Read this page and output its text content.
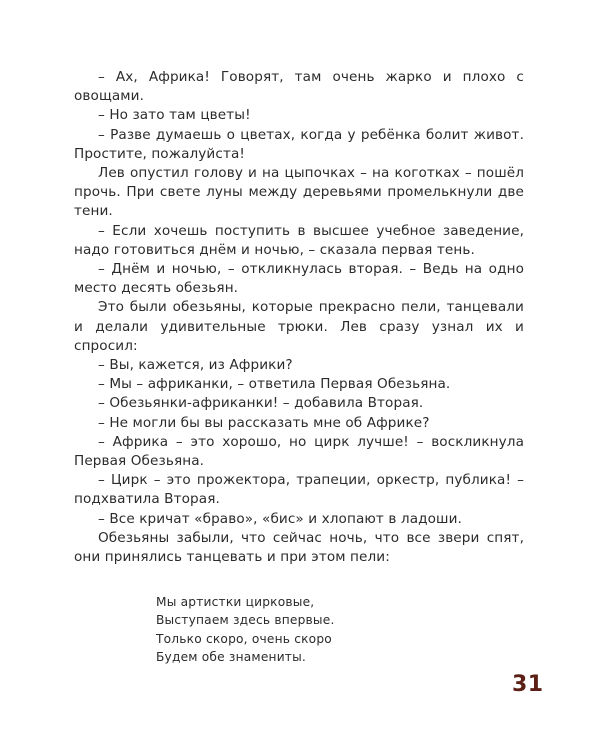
– Ах, Африка! Говорят, там очень жарко и плохо с овощами.

– Но зато там цветы!

– Разве думаешь о цветах, когда у ребёнка болит живот. Простите, пожалуйста!

Лев опустил голову и на цыпочках – на коготках – пошёл прочь. При свете луны между деревьями промелькнули две тени.

– Если хочешь поступить в высшее учебное заведение, надо готовиться днём и ночью, – сказала первая тень.

– Днём и ночью, – откликнулась вторая. – Ведь на одно место десять обезьян.

Это были обезьяны, которые прекрасно пели, танцевали и делали удивительные трюки. Лев сразу узнал их и спросил:

– Вы, кажется, из Африки?

– Мы – африканки, – ответила Первая Обезьяна.

– Обезьянки-африканки! – добавила Вторая.

– Не могли бы вы рассказать мне об Африке?

– Африка – это хорошо, но цирк лучше! – воскликнула Первая Обезьяна.

– Цирк – это прожектора, трапеции, оркестр, публика! – подхватила Вторая.

– Все кричат «браво», «бис» и хлопают в ладоши.

Обезьяны забыли, что сейчас ночь, что все звери спят, они принялись танцевать и при этом пели:

Мы артистки цирковые,
Выступаем здесь впервые.
Только скоро, очень скоро
Будем обе знамениты.
31
